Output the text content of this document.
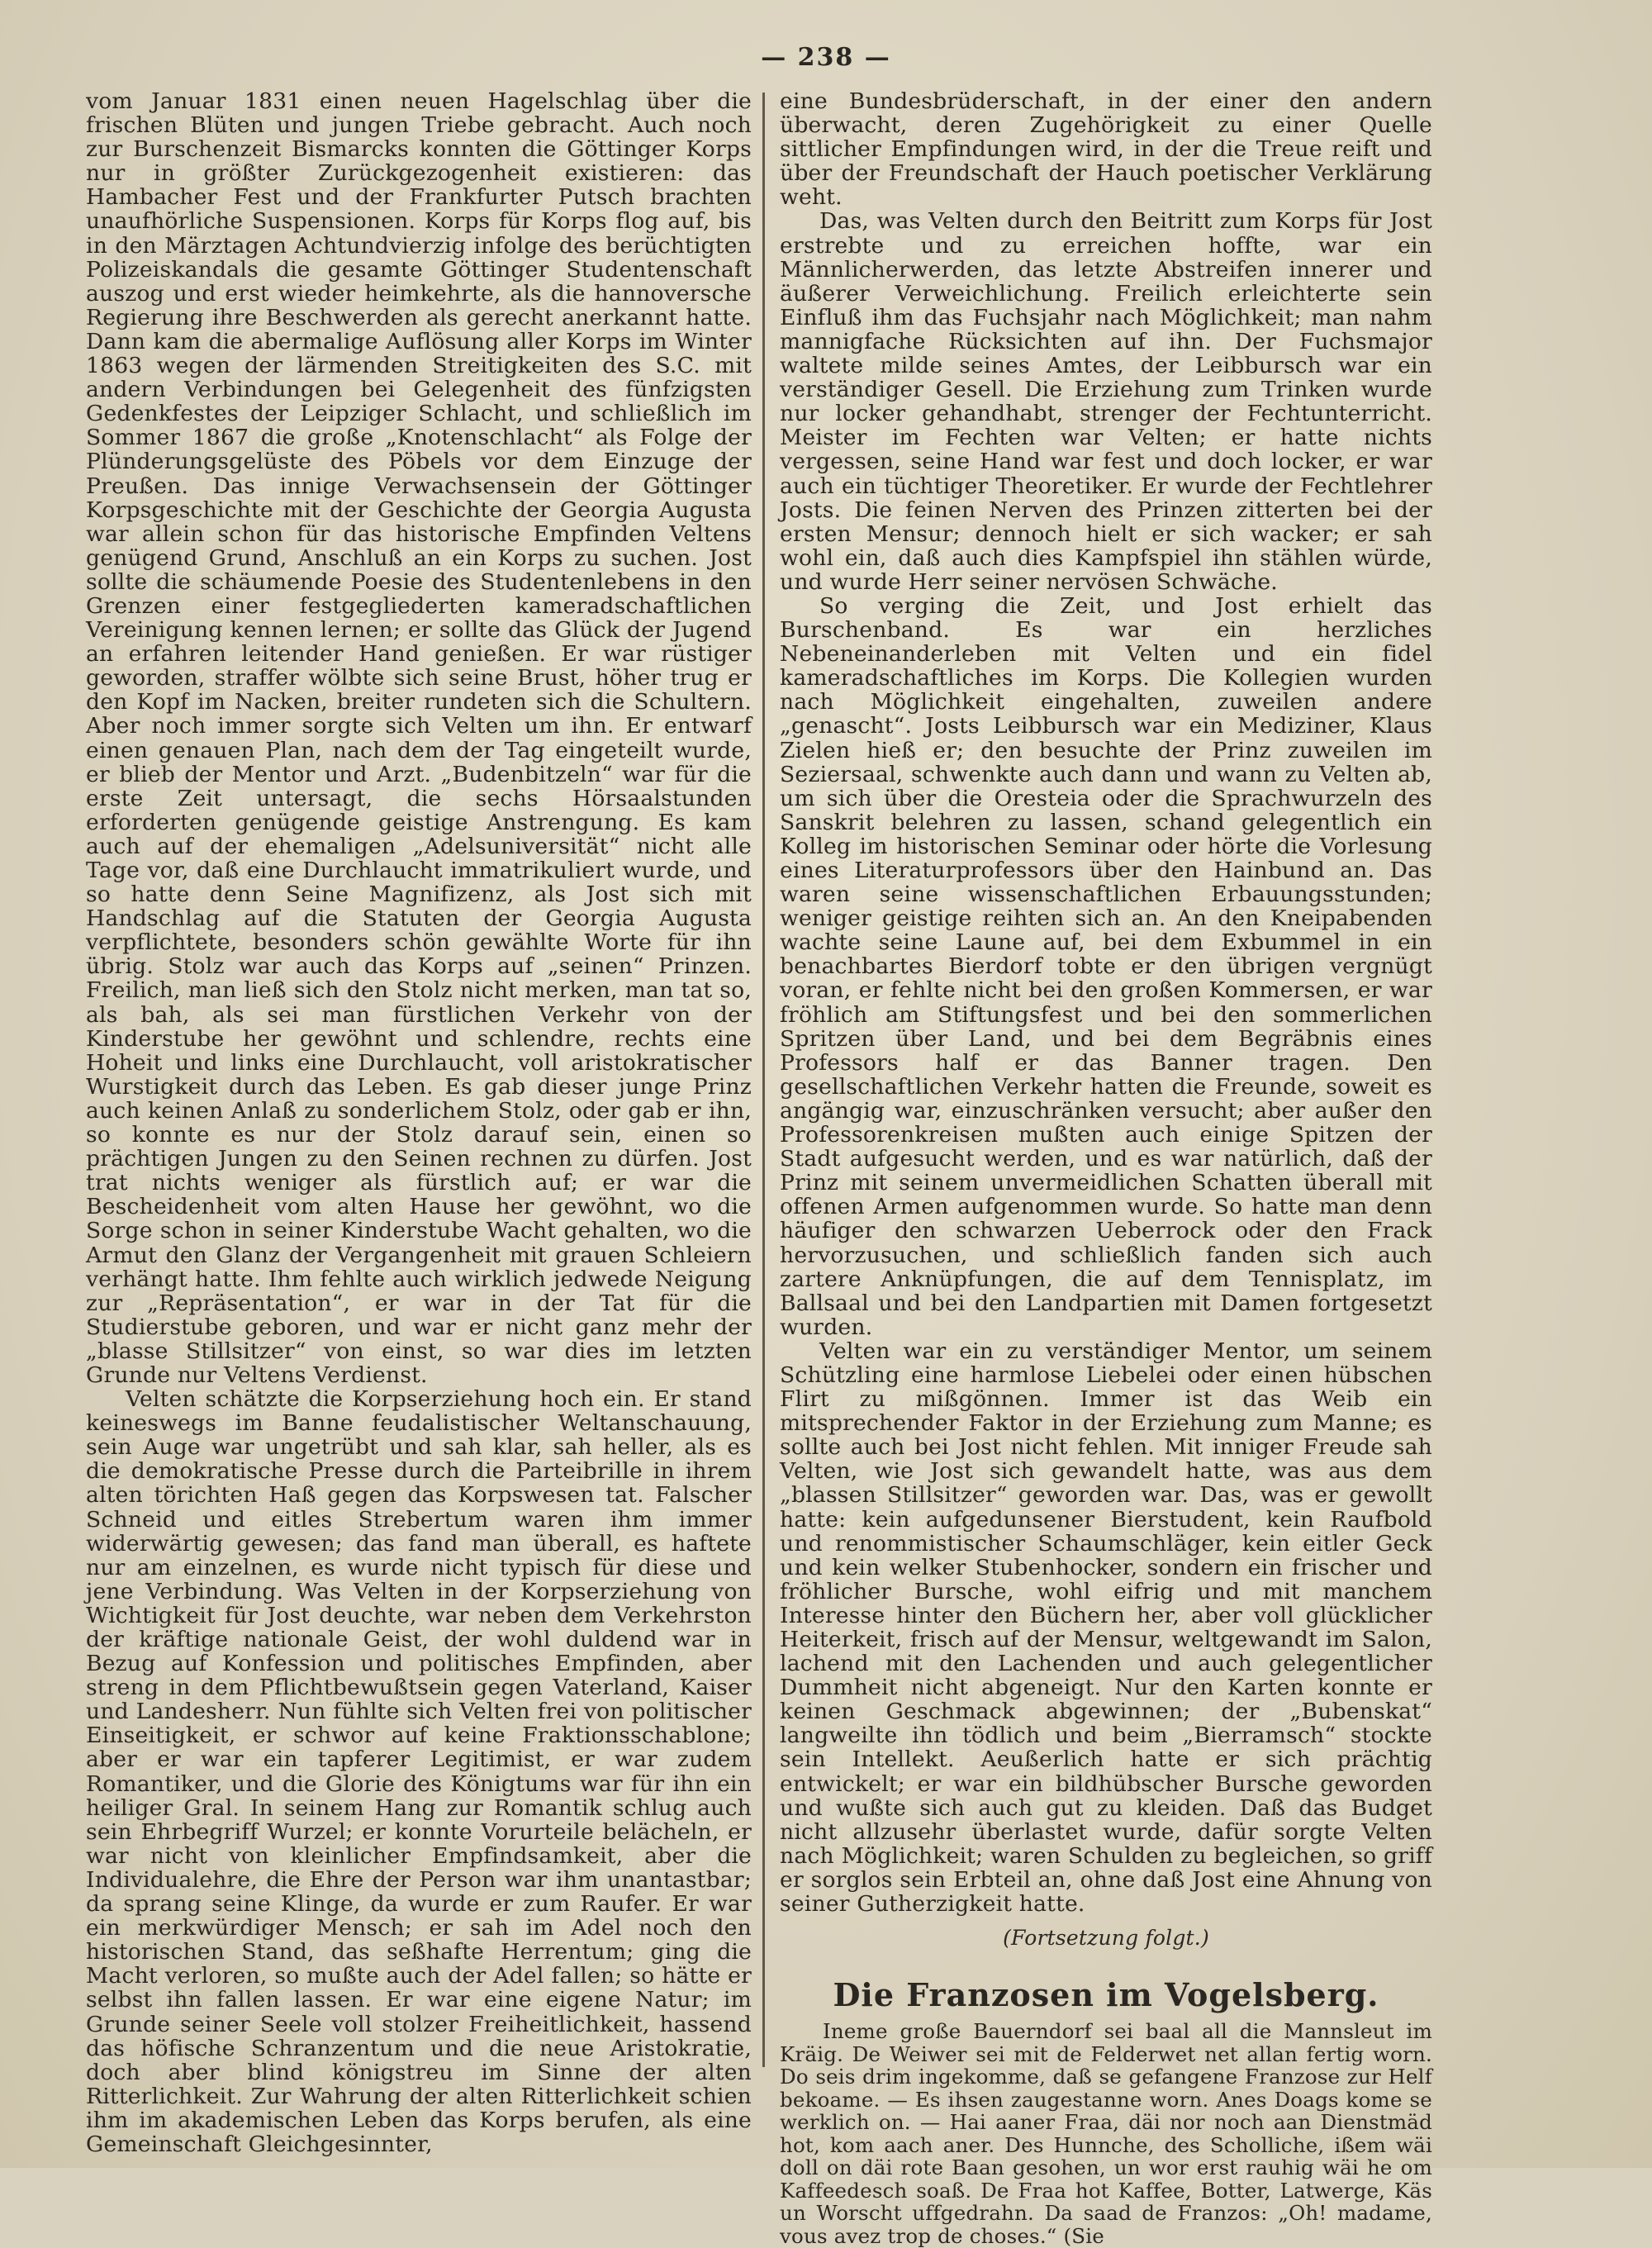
— 238 —

vom Januar 1831 einen neuen Hagelschlag über die frischen Blüten und jungen Triebe gebracht. Auch noch zur Burschenzeit Bismarcks konnten die Göttinger Korps nur in größter Zurückgezogenheit existieren: das Hambacher Fest und der Frankfurter Putsch brachten unaufhörliche Suspensionen. Korps für Korps flog auf, bis in den Märztagen Achtundvierzig infolge des berüchtigten Polizeiskandals die gesamte Göttinger Studentenschaft auszog und erst wieder heimkehrte, als die hannoversche Regierung ihre Beschwerden als gerecht anerkannt hatte. Dann kam die abermalige Auflösung aller Korps im Winter 1863 wegen der lärmenden Streitigkeiten des S.C. mit andern Verbindungen bei Gelegenheit des fünfzigsten Gedenkfestes der Leipziger Schlacht, und schließlich im Sommer 1867 die große „Knotenschlacht“ als Folge der Plünderungsgelüste des Pöbels vor dem Einzuge der Preußen. Das innige Verwachsensein der Göttinger Korpsgeschichte mit der Geschichte der Georgia Augusta war allein schon für das historische Empfinden Veltens genügend Grund, Anschluß an ein Korps zu suchen. Jost sollte die schäumende Poesie des Studentenlebens in den Grenzen einer festgegliederten kameradschaftlichen Vereinigung kennen lernen; er sollte das Glück der Jugend an erfahren leitender Hand genießen. Er war rüstiger geworden, straffer wölbte sich seine Brust, höher trug er den Kopf im Nacken, breiter rundeten sich die Schultern. Aber noch immer sorgte sich Velten um ihn. Er entwarf einen genauen Plan, nach dem der Tag eingeteilt wurde, er blieb der Mentor und Arzt. „Budenbitzeln“ war für die erste Zeit untersagt, die sechs Hörsaalstunden erforderten genügende geistige Anstrengung. Es kam auch auf der ehemaligen „Adelsuniversität“ nicht alle Tage vor, daß eine Durchlaucht immatrikuliert wurde, und so hatte denn Seine Magnifizenz, als Jost sich mit Handschlag auf die Statuten der Georgia Augusta verpflichtete, besonders schön gewählte Worte für ihn übrig. Stolz war auch das Korps auf „seinen“ Prinzen. Freilich, man ließ sich den Stolz nicht merken, man tat so, als bah, als sei man fürstlichen Verkehr von der Kinderstube her gewöhnt und schlendre, rechts eine Hoheit und links eine Durchlaucht, voll aristokratischer Wurstigkeit durch das Leben. Es gab dieser junge Prinz auch keinen Anlaß zu sonderlichem Stolz, oder gab er ihn, so konnte es nur der Stolz darauf sein, einen so prächtigen Jungen zu den Seinen rechnen zu dürfen. Jost trat nichts weniger als fürstlich auf; er war die Bescheidenheit vom alten Hause her gewöhnt, wo die Sorge schon in seiner Kinderstube Wacht gehalten, wo die Armut den Glanz der Vergangenheit mit grauen Schleiern verhängt hatte. Ihm fehlte auch wirklich jedwede Neigung zur „Repräsentation“, er war in der Tat für die Studierstube geboren, und war er nicht ganz mehr der „blasse Stillsitzer“ von einst, so war dies im letzten Grunde nur Veltens Verdienst.

Velten schätzte die Korpserziehung hoch ein. Er stand keineswegs im Banne feudalistischer Weltanschauung, sein Auge war ungetrübt und sah klar, sah heller, als es die demokratische Presse durch die Parteibrille in ihrem alten törichten Haß gegen das Korpswesen tat. Falscher Schneid und eitles Strebertum waren ihm immer widerwärtig gewesen; das fand man überall, es haftete nur am einzelnen, es wurde nicht typisch für diese und jene Verbindung. Was Velten in der Korpserziehung von Wichtigkeit für Jost deuchte, war neben dem Verkehrston der kräftige nationale Geist, der wohl duldend war in Bezug auf Konfession und politisches Empfinden, aber streng in dem Pflichtbewußtsein gegen Vaterland, Kaiser und Landesherr. Nun fühlte sich Velten frei von politischer Einseitigkeit, er schwor auf keine Fraktionsschablone; aber er war ein tapferer Legitimist, er war zudem Romantiker, und die Glorie des Königtums war für ihn ein heiliger Gral. In seinem Hang zur Romantik schlug auch sein Ehrbegriff Wurzel; er konnte Vorurteile belächeln, er war nicht von kleinlicher Empfindsamkeit, aber die Individualehre, die Ehre der Person war ihm unantastbar; da sprang seine Klinge, da wurde er zum Raufer. Er war ein merkwürdiger Mensch; er sah im Adel noch den historischen Stand, das seßhafte Herrentum; ging die Macht verloren, so mußte auch der Adel fallen; so hätte er selbst ihn fallen lassen. Er war eine eigene Natur; im Grunde seiner Seele voll stolzer Freiheitlichkeit, hassend das höfische Schranzentum und die neue Aristokratie, doch aber blind königstreu im Sinne der alten Ritterlichkeit. Zur Wahrung der alten Ritterlichkeit schien ihm im akademischen Leben das Korps berufen, als eine Gemeinschaft Gleichgesinnter,

eine Bundesbrüderschaft, in der einer den andern überwacht, deren Zugehörigkeit zu einer Quelle sittlicher Empfindungen wird, in der die Treue reift und über der Freundschaft der Hauch poetischer Verklärung weht.

Das, was Velten durch den Beitritt zum Korps für Jost erstrebte und zu erreichen hoffte, war ein Männlicherwerden, das letzte Abstreifen innerer und äußerer Verweichlichung. Freilich erleichterte sein Einfluß ihm das Fuchsjahr nach Möglichkeit; man nahm mannigfache Rücksichten auf ihn. Der Fuchsmajor waltete milde seines Amtes, der Leibbursch war ein verständiger Gesell. Die Erziehung zum Trinken wurde nur locker gehandhabt, strenger der Fechtunterricht. Meister im Fechten war Velten; er hatte nichts vergessen, seine Hand war fest und doch locker, er war auch ein tüchtiger Theoretiker. Er wurde der Fechtlehrer Josts. Die feinen Nerven des Prinzen zitterten bei der ersten Mensur; dennoch hielt er sich wacker; er sah wohl ein, daß auch dies Kampfspiel ihn stählen würde, und wurde Herr seiner nervösen Schwäche.

So verging die Zeit, und Jost erhielt das Burschenband. Es war ein herzliches Nebeneinanderleben mit Velten und ein fidel kameradschaftliches im Korps. Die Kollegien wurden nach Möglichkeit eingehalten, zuweilen andere „genascht“. Josts Leibbursch war ein Mediziner, Klaus Zielen hieß er; den besuchte der Prinz zuweilen im Seziersaal, schwenkte auch dann und wann zu Velten ab, um sich über die Oresteia oder die Sprachwurzeln des Sanskrit belehren zu lassen, schand gelegentlich ein Kolleg im historischen Seminar oder hörte die Vorlesung eines Literaturprofessors über den Hainbund an. Das waren seine wissenschaftlichen Erbauungsstunden; weniger geistige reihten sich an. An den Kneipabenden wachte seine Laune auf, bei dem Exbummel in ein benachbartes Bierdorf tobte er den übrigen vergnügt voran, er fehlte nicht bei den großen Kommersen, er war fröhlich am Stiftungsfest und bei den sommerlichen Spritzen über Land, und bei dem Begräbnis eines Professors half er das Banner tragen. Den gesellschaftlichen Verkehr hatten die Freunde, soweit es angängig war, einzuschränken versucht; aber außer den Professorenkreisen mußten auch einige Spitzen der Stadt aufgesucht werden, und es war natürlich, daß der Prinz mit seinem unvermeidlichen Schatten überall mit offenen Armen aufgenommen wurde. So hatte man denn häufiger den schwarzen Ueberrock oder den Frack hervorzusuchen, und schließlich fanden sich auch zartere Anknüpfungen, die auf dem Tennisplatz, im Ballsaal und bei den Landpartien mit Damen fortgesetzt wurden.

Velten war ein zu verständiger Mentor, um seinem Schützling eine harmlose Liebelei oder einen hübschen Flirt zu mißgönnen. Immer ist das Weib ein mitsprechender Faktor in der Erziehung zum Manne; es sollte auch bei Jost nicht fehlen. Mit inniger Freude sah Velten, wie Jost sich gewandelt hatte, was aus dem „blassen Stillsitzer“ geworden war. Das, was er gewollt hatte: kein aufgedunsener Bierstudent, kein Raufbold und renommistischer Schaumschläger, kein eitler Geck und kein welker Stubenhocker, sondern ein frischer und fröhlicher Bursche, wohl eifrig und mit manchem Interesse hinter den Büchern her, aber voll glücklicher Heiterkeit, frisch auf der Mensur, weltgewandt im Salon, lachend mit den Lachenden und auch gelegentlicher Dummheit nicht abgeneigt. Nur den Karten konnte er keinen Geschmack abgewinnen; der „Bubenskat“ langweilte ihn tödlich und beim „Bierramsch“ stockte sein Intellekt. Aeußerlich hatte er sich prächtig entwickelt; er war ein bildhübscher Bursche geworden und wußte sich auch gut zu kleiden. Daß das Budget nicht allzusehr überlastet wurde, dafür sorgte Velten nach Möglichkeit; waren Schulden zu begleichen, so griff er sorglos sein Erbteil an, ohne daß Jost eine Ahnung von seiner Gutherzigkeit hatte.

(Fortsetzung folgt.)
Die Franzosen im Vogelsberg.
Ineme große Bauerndorf sei baal all die Mannsleut im Kräig. De Weiwer sei mit de Felderwet net allan fertig worn. Do seis drim ingekomme, daß se gefangene Franzose zur Helf bekoame. — Es ihsen zaugestanne worn. Anes Doags kome se werklich on. — Hai aaner Fraa, däi nor noch aan Dienstmäd hot, kom aach aner. Des Hunnche, des Scholliche, ißem wäi doll on däi rote Baan gesohen, un wor erst rauhig wäi he om Kaffeedesch soaß. De Fraa hot Kaffee, Botter, Latwerge, Käs un Worscht uffgedrahn. Da saad de Franzos: „Oh! madame, vous avez trop de choses.“ (Sie
